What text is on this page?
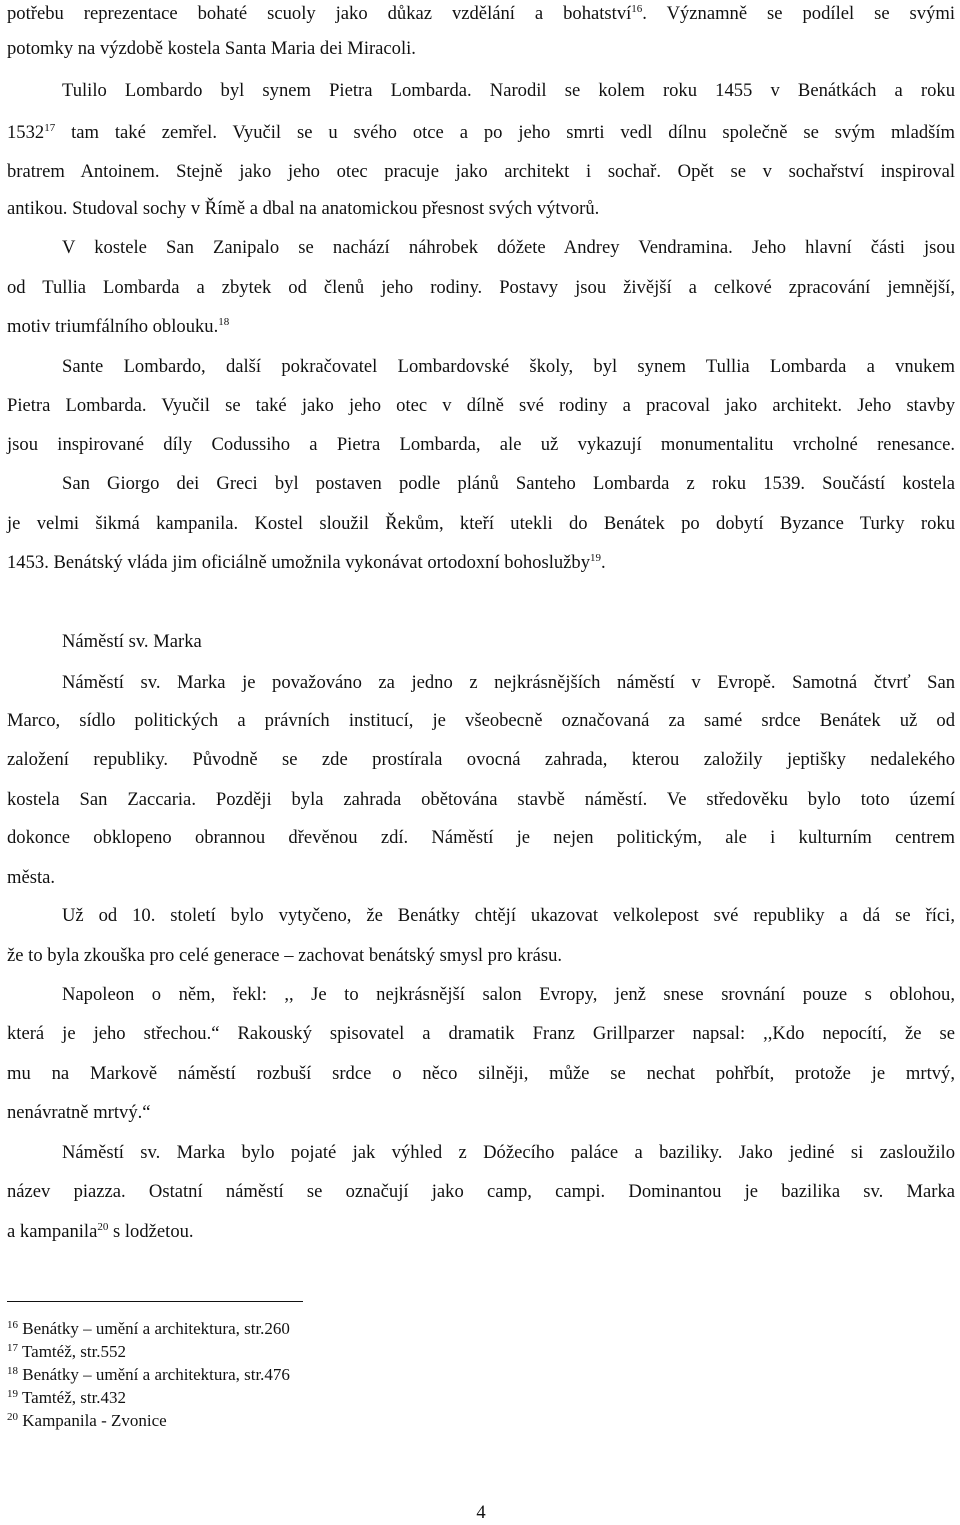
potřebu reprezentace bohaté scuoly jako důkaz vzdělání a bohatství$^{16}$. Významně se podílel se svými
potomky na výzdobě kostela Santa Maria dei Miracoli.
Tulilo Lombardo byl synem Pietra Lombarda. Narodil se kolem roku 1455 v Benátkách a roku
1532$^{17}$ tam také zemřel. Vyučil se u svého otce a po jeho smrti vedl dílnu společně se svým mladším
bratrem Antoinem. Stejně jako jeho otec pracuje jako architekt i sochař. Opět se v sochařství inspiroval
antikou. Studoval sochy v Římě a dbal na anatomickou přesnost svých výtvorů.
V kostele San Zanipalo se nachází náhrobek dóžete Andrey Vendramina. Jeho hlavní části jsou
od Tullia Lombarda a zbytek od členů jeho rodiny. Postavy jsou živější a celkové zpracování jemnější,
motiv triumfálního oblouku.$^{18}$
Sante Lombardo, další pokračovatel Lombardovské školy, byl synem Tullia Lombarda a vnukem
Pietra Lombarda. Vyučil se také jako jeho otec v dílně své rodiny a pracoval jako architekt. Jeho stavby
jsou inspirované díly Codussiho a Pietra Lombarda, ale už vykazují monumentalitu vrcholné renesance.
San Giorgo dei Greci byl postaven podle plánů Santeho Lombarda z roku 1539. Součástí kostela
je velmi šikmá kampanila. Kostel sloužil Řekům, kteří utekli do Benátek po dobytí Byzance Turky roku
1453. Benátský vláda jim oficiálně umožnila vykonávat ortodoxní bohoslužby$^{19}$.
Náměstí sv. Marka
Náměstí sv. Marka je považováno za jedno z nejkrásnějších náměstí v Evropě. Samotná čtvrť San
Marco, sídlo politických a právních institucí, je všeobecně označovaná za samé srdce Benátek už od
založení republiky. Původně se zde prostírala ovocná zahrada, kterou založily jeptišky nedalekého
kostela San Zaccaria. Později byla zahrada obětována stavbě náměstí. Ve středověku bylo toto území
dokonce obklopeno obrannou dřevěnou zdí. Náměstí je nejen politickým, ale i kulturním centrem
města.
Už od 10. století bylo vytyčeno, že Benátky chtějí ukazovat velkolepost své republiky a dá se říci,
že to byla zkouška pro celé generace – zachovat benátský smysl pro krásu.
Napoleon o něm, řekl: ,, Je to nejkrásnější salon Evropy, jenž snese srovnání pouze s oblohou,
která je jeho střechou.“ Rakouský spisovatel a dramatik Franz Grillparzer napsal: ,,Kdo nepocítí, že se
mu na Markově náměstí rozbuší srdce o něco silněji, může se nechat pohřbít, protože je mrtvý,
nenávratně mrtvý.“
Náměstí sv. Marka bylo pojaté jak výhled z Dóžecího paláce a baziliky. Jako jediné si zasloužilo
název piazza. Ostatní náměstí se označují jako camp, campi. Dominantou je bazilika sv. Marka
a kampanila$^{20}$ s lodžetou.
$^{16}$ Benátky – umění a architektura, str.260
$^{17}$ Tamtéž, str.552
$^{18}$ Benátky – umění a architektura, str.476
$^{19}$ Tamtéž, str.432
$^{20}$ Kampanila - Zvonice
4
